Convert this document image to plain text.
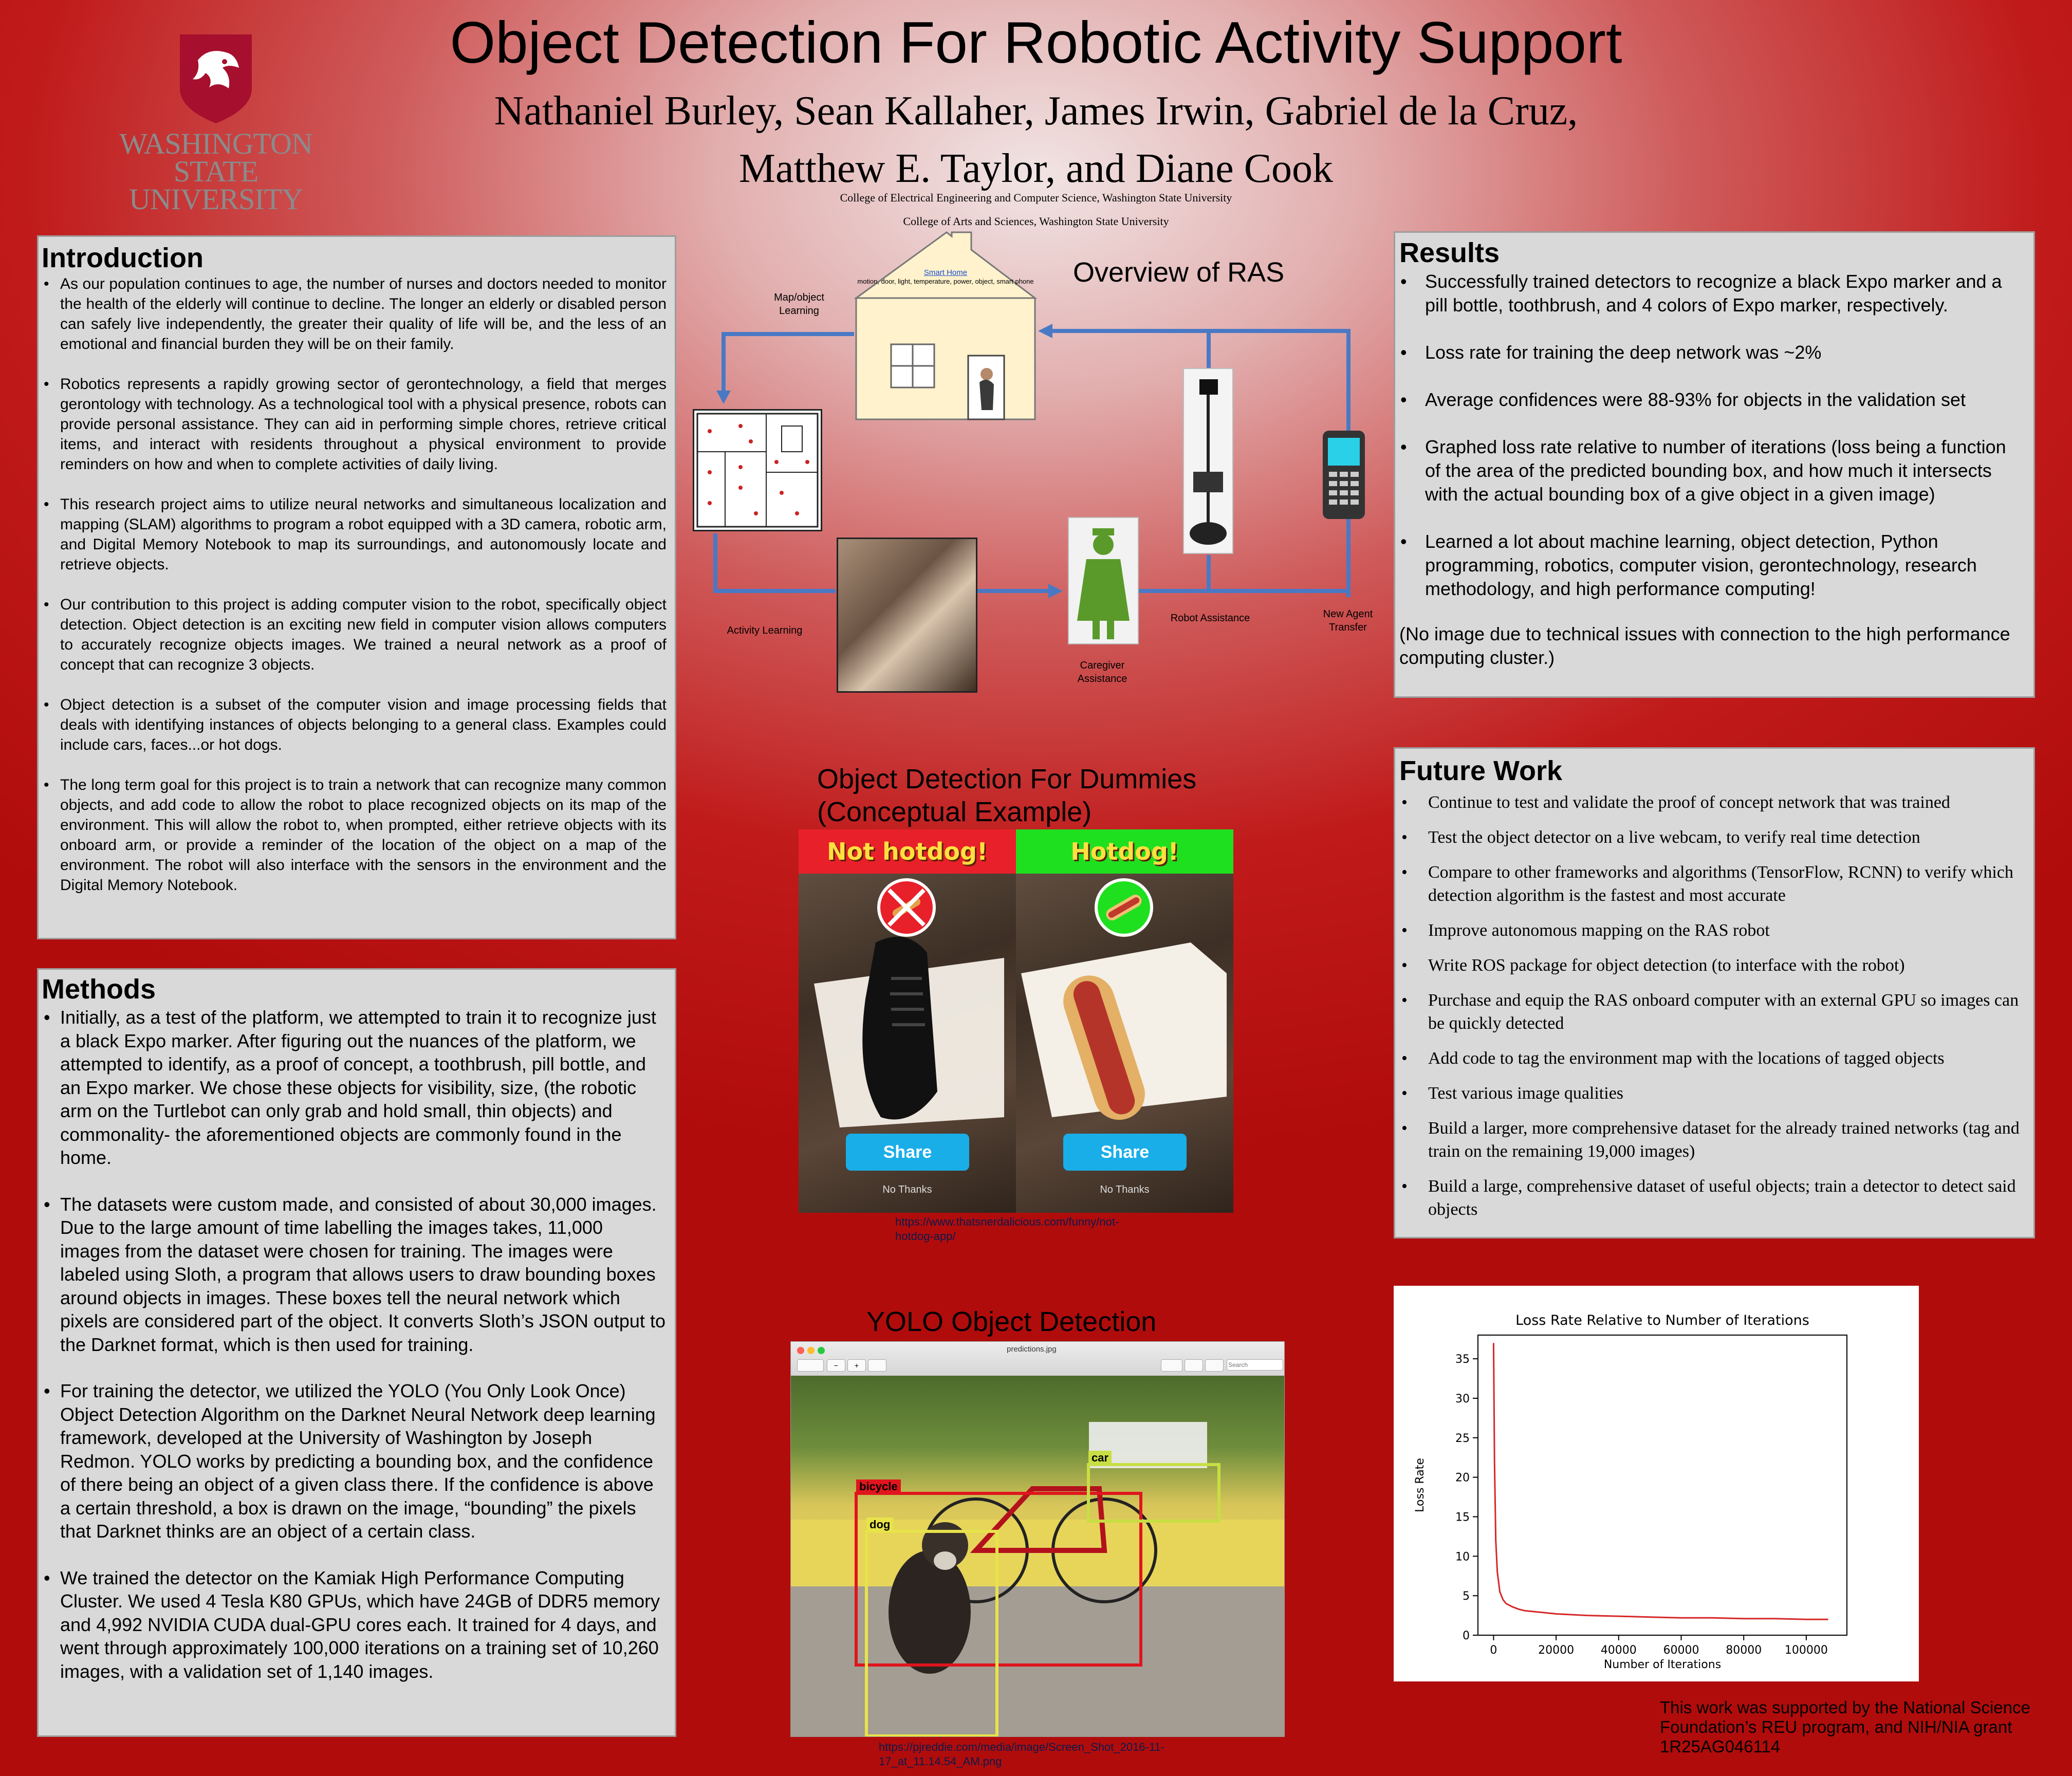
WASHINGTON STATE
UNIVERSITY
Object Detection For Robotic Activity Support
Nathaniel Burley, Sean Kallaher, James Irwin, Gabriel de la Cruz,
Matthew E. Taylor, and Diane Cook
College of Electrical Engineering and Computer Science, Washington State University
College of Arts and Sciences, Washington State University
Introduction
• As our population continues to age, the number of nurses and doctors needed to monitor the health of the elderly will continue to decline. The longer an elderly or disabled person can safely live independently, the greater their quality of life will be, and the less of an emotional and financial burden they will be on their family.
• Robotics represents a rapidly growing sector of gerontechnology, a field that merges gerontology with technology. As a technological tool with a physical presence, robots can provide personal assistance. They can aid in performing simple chores, retrieve critical items, and interact with residents throughout a physical environment to provide reminders on how and when to complete activities of daily living.
• This research project aims to utilize neural networks and simultaneous localization and mapping (SLAM) algorithms to program a robot equipped with a 3D camera, robotic arm, and Digital Memory Notebook to map its surroundings, and autonomously locate and retrieve objects.
• Our contribution to this project is adding computer vision to the robot, specifically object detection. Object detection is an exciting new field in computer vision allows computers to accurately recognize objects images. We trained a neural network as a proof of concept that can recognize 3 objects.
• Object detection is a subset of the computer vision and image processing fields that deals with identifying instances of objects belonging to a general class. Examples could include cars, faces...or hot dogs.
• The long term goal for this project is to train a network that can recognize many common objects, and add code to allow the robot to place recognized objects on its map of the environment. This will allow the robot to, when prompted, either retrieve objects with its onboard arm, or provide a reminder of the location of the object on a map of the environment. The robot will also interface with the sensors in the environment and the Digital Memory Notebook.
Methods
• Initially, as a test of the platform, we attempted to train it to recognize just a black Expo marker. After figuring out the nuances of the platform, we attempted to identify, as a proof of concept, a toothbrush, pill bottle, and an Expo marker. We chose these objects for visibility, size, (the robotic arm on the Turtlebot can only grab and hold small, thin objects) and commonality- the aforementioned objects are commonly found in the home.
• The datasets were custom made, and consisted of about 30,000 images. Due to the large amount of time labelling the images takes, 11,000 images from the dataset were chosen for training. The images were labeled using Sloth, a program that allows users to draw bounding boxes around objects in images. These boxes tell the neural network which pixels are considered part of the object. It converts Sloth’s JSON output to the Darknet format, which is then used for training.
• For training the detector, we utilized the YOLO (You Only Look Once) Object Detection Algorithm on the Darknet Neural Network deep learning framework, developed at the University of Washington by Joseph Redmon. YOLO works by predicting a bounding box, and the confidence of there being an object of a given class there. If the confidence is above a certain threshold, a box is drawn on the image, “bounding” the pixels that Darknet thinks are an object of a certain class.
• We trained the detector on the Kamiak High Performance Computing Cluster. We used 4 Tesla K80 GPUs, which have 24GB of DDR5 memory and 4,992 NVIDIA CUDA dual-GPU cores each. It trained for 4 days, and went through approximately 100,000 iterations on a training set of 10,260 images, with a validation set of 1,140 images.
Overview of RAS
Smart Home
motion, door, light, temperature, power, object, smart phone
Map/object Learning
Activity Learning
Caregiver Assistance
Robot Assistance	New Agent Transfer
Object Detection For Dummies
(Conceptual Example)
Not hotdog!
Share
No Thanks
Hotdog!
Share
No Thanks
https://www.thatsnerdalicious.com/funny/not-hotdog-app/
YOLO Object Detection
predictions.jpg
−	+
Search
bicycle
car
dog
https://pjreddie.com/media/image/Screen_Shot_2016-11-17_at_11.14.54_AM.png
Results
• Successfully trained detectors to recognize a black Expo marker and a pill bottle, toothbrush, and 4 colors of Expo marker, respectively.
• Loss rate for training the deep network was ~2%
• Average confidences were 88-93% for objects in the validation set
• Graphed loss rate relative to number of iterations (loss being a function of the area of the predicted bounding box, and how much it intersects with the actual bounding box of a give object in a given image)
• Learned a lot about machine learning, object detection, Python programming, robotics, computer vision, gerontechnology, research methodology, and high performance computing!
(No image due to technical issues with connection to the high performance computing cluster.)
Future Work
• Continue to test and validate the proof of concept network that was trained
• Test the object detector on a live webcam, to verify real time detection
• Compare to other frameworks and algorithms (TensorFlow, RCNN) to verify which detection algorithm is the fastest and most accurate
• Improve autonomous mapping on the RAS robot
• Write ROS package for object detection (to interface with the robot)
• Purchase and equip the RAS onboard computer with an external GPU so images can be quickly detected
• Add code to tag the environment map with the locations of tagged objects
• Test various image qualities
• Build a larger, more comprehensive dataset for the already trained networks (tag and train on the remaining 19,000 images)
• Build a large, comprehensive dataset of useful objects; train a detector to detect said objects
Loss Rate Relative to Number of Iterations
0	20000 40000 60000 80000 100000
0
5
10
15
20
25
30
35
Number of Iterations
Loss Rate
This work was supported by the National Science Foundation’s REU program, and NIH/NIA grant 1R25AG046114
